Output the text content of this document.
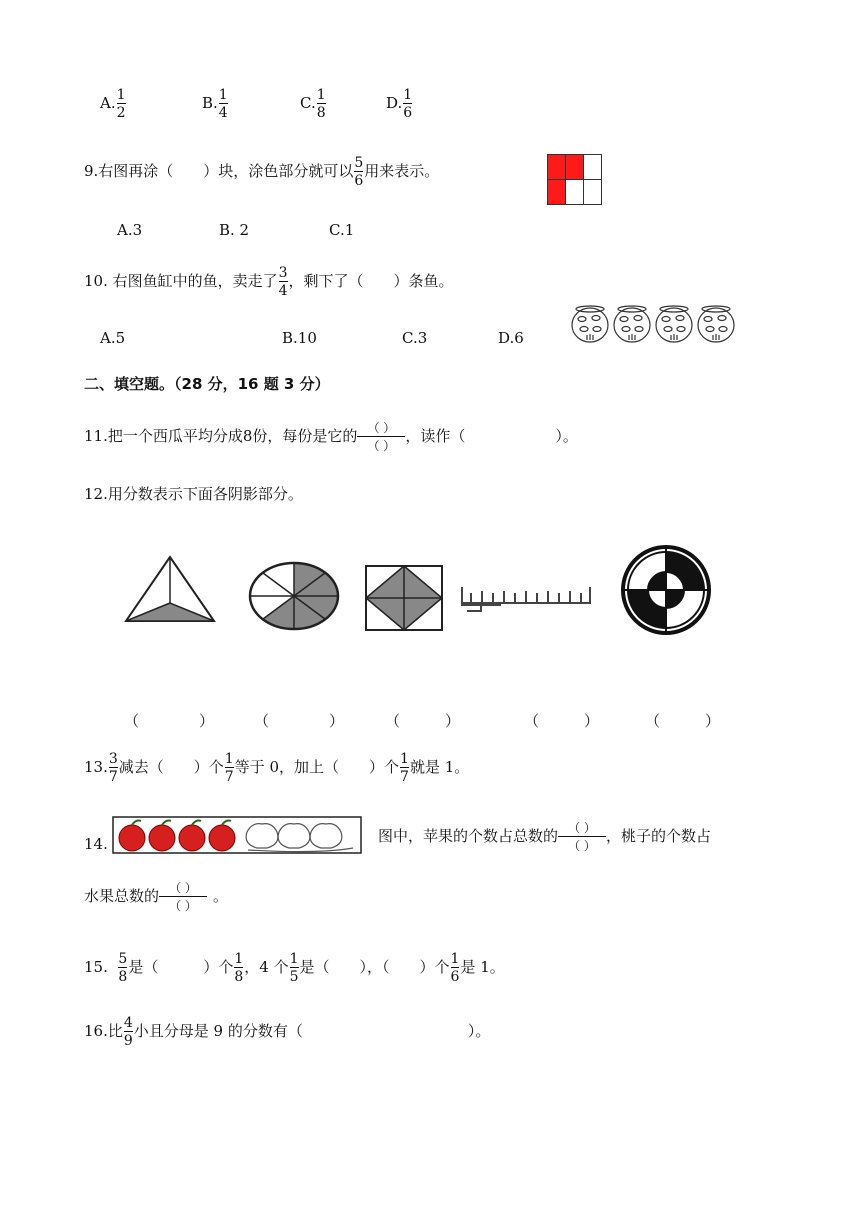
A. $\frac{1}{2}$	B. $\frac{1}{4}$	C. $\frac{1}{8}$	D. $\frac{1}{6}$
9.右图再涂（　　）块，涂色部分就可以 $\frac{5}{6}$ 用来表示。
A.3	B. 2	C.1
10. 右图鱼缸中的鱼，卖走了 $\frac{3}{4}$ ，剩下了（　　）条鱼。
A.5	B.10	C.3	D.6
二、填空题。（28 分，16 题 3 分）
11.把一个西瓜平均分成8份，每份是它的 （ ）
（ ）
，读作（　　　　　　）。
12.用分数表示下面各阴影部分。
（　　　　）	（　　　　）	（　　　）	（　　　）	（　　　）
13. $\frac{3}{7}$ 减去（　　）个 $\frac{1}{7}$ 等于 0，加上（　　）个 $\frac{1}{7}$ 就是 1。
14.	图中，苹果的个数占总数的 （ ）
（ ）
，桃子的个数占
水果总数的 （ ）
（ ）
。
15. $\frac{5}{8}$ 是（　　　）个 $\frac{1}{8}$ ，4 个 $\frac{1}{5}$ 是（　　），（　　）个 $\frac{1}{6}$ 是 1。
16.比 $\frac{4}{9}$ 小且分母是 9 的分数有（　　　　　　　　　　　）。
